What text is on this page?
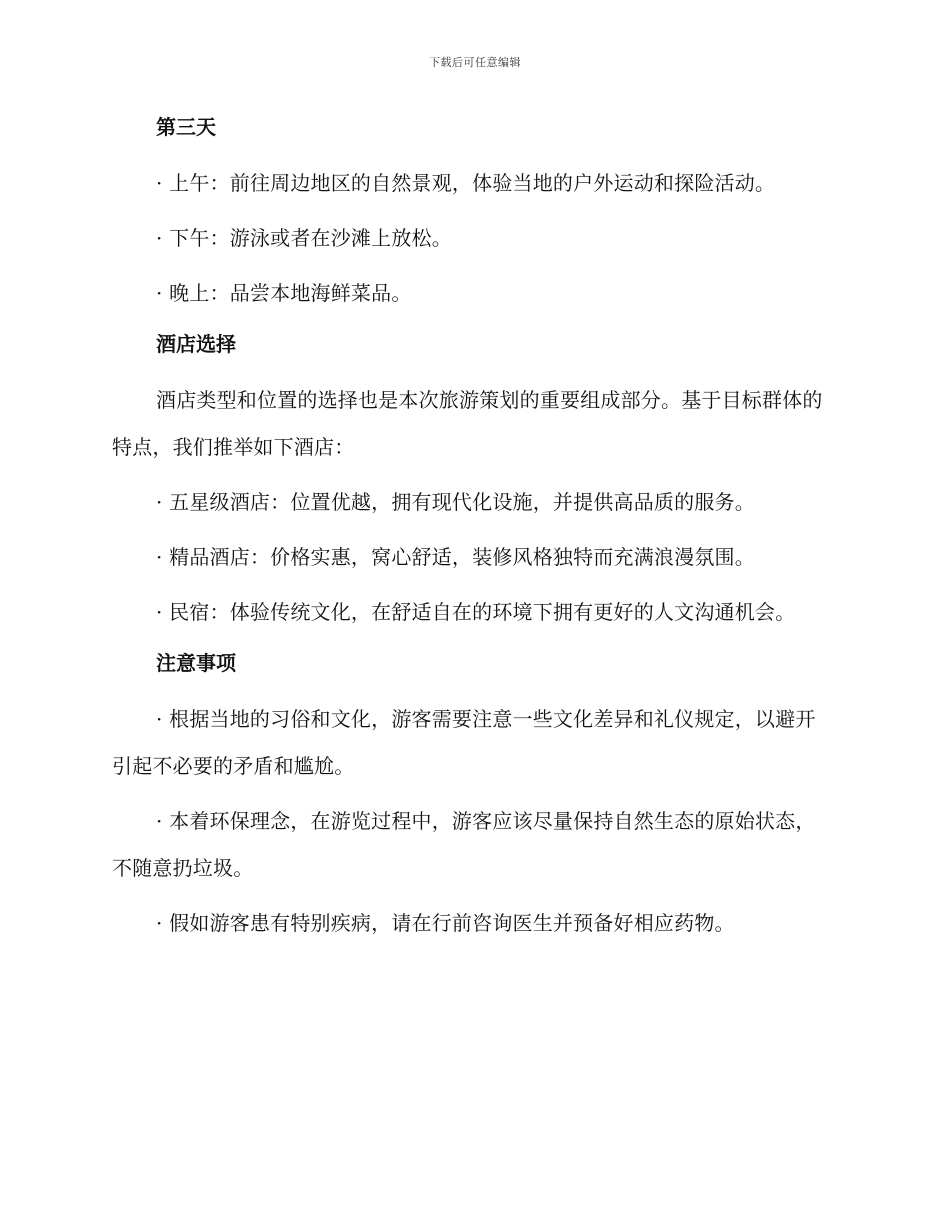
下载后可任意编辑
第三天

· 上午：前往周边地区的自然景观，体验当地的户外运动和探险活动。

· 下午：游泳或者在沙滩上放松。

· 晚上：品尝本地海鲜菜品。

酒店选择

酒店类型和位置的选择也是本次旅游策划的重要组成部分。基于目标群体的特点，我们推举如下酒店：

· 五星级酒店：位置优越，拥有现代化设施，并提供高品质的服务。

· 精品酒店：价格实惠，窝心舒适，装修风格独特而充满浪漫氛围。

· 民宿：体验传统文化，在舒适自在的环境下拥有更好的人文沟通机会。

注意事项

· 根据当地的习俗和文化，游客需要注意一些文化差异和礼仪规定，以避开引起不必要的矛盾和尴尬。

· 本着环保理念，在游览过程中，游客应该尽量保持自然生态的原始状态，不随意扔垃圾。

· 假如游客患有特别疾病，请在行前咨询医生并预备好相应药物。
